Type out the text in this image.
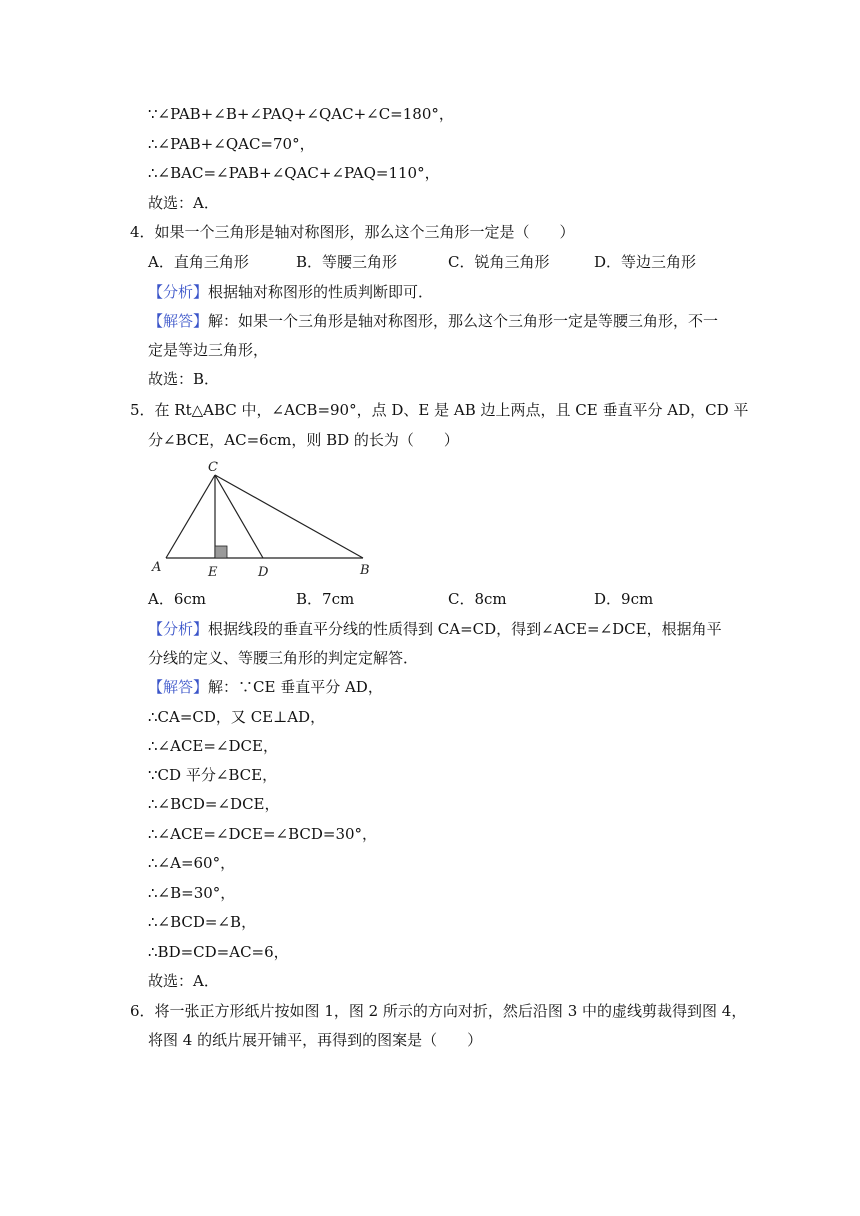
∵∠PAB+∠B+∠PAQ+∠QAC+∠C=180°，
∴∠PAB+∠QAC=70°，
∴∠BAC=∠PAB+∠QAC+∠PAQ=110°，
故选：A．
4．如果一个三角形是轴对称图形，那么这个三角形一定是（　　）
A．直角三角形	B．等腰三角形	C．锐角三角形	D．等边三角形
【分析】根据轴对称图形的性质判断即可．
【解答】解：如果一个三角形是轴对称图形，那么这个三角形一定是等腰三角形，不一
定是等边三角形，
故选：B．
5．在 Rt△ABC 中，∠ACB=90°，点 D、E 是 AB 边上两点，且 CE 垂直平分 AD，CD 平
分∠BCE，AC=6cm，则 BD 的长为（　　）
C
A	E	D	B
A．6cm	B．7cm	C．8cm	D．9cm
【分析】根据线段的垂直平分线的性质得到 CA=CD，得到∠ACE=∠DCE，根据角平
分线的定义、等腰三角形的判定定解答．
【解答】解：∵CE 垂直平分 AD，
∴CA=CD，又 CE⊥AD，
∴∠ACE=∠DCE，
∵CD 平分∠BCE，
∴∠BCD=∠DCE，
∴∠ACE=∠DCE=∠BCD=30°，
∴∠A=60°，
∴∠B=30°，
∴∠BCD=∠B，
∴BD=CD=AC=6，
故选：A．
6．将一张正方形纸片按如图 1，图 2 所示的方向对折，然后沿图 3 中的虚线剪裁得到图 4，
将图 4 的纸片展开铺平，再得到的图案是（　　）
